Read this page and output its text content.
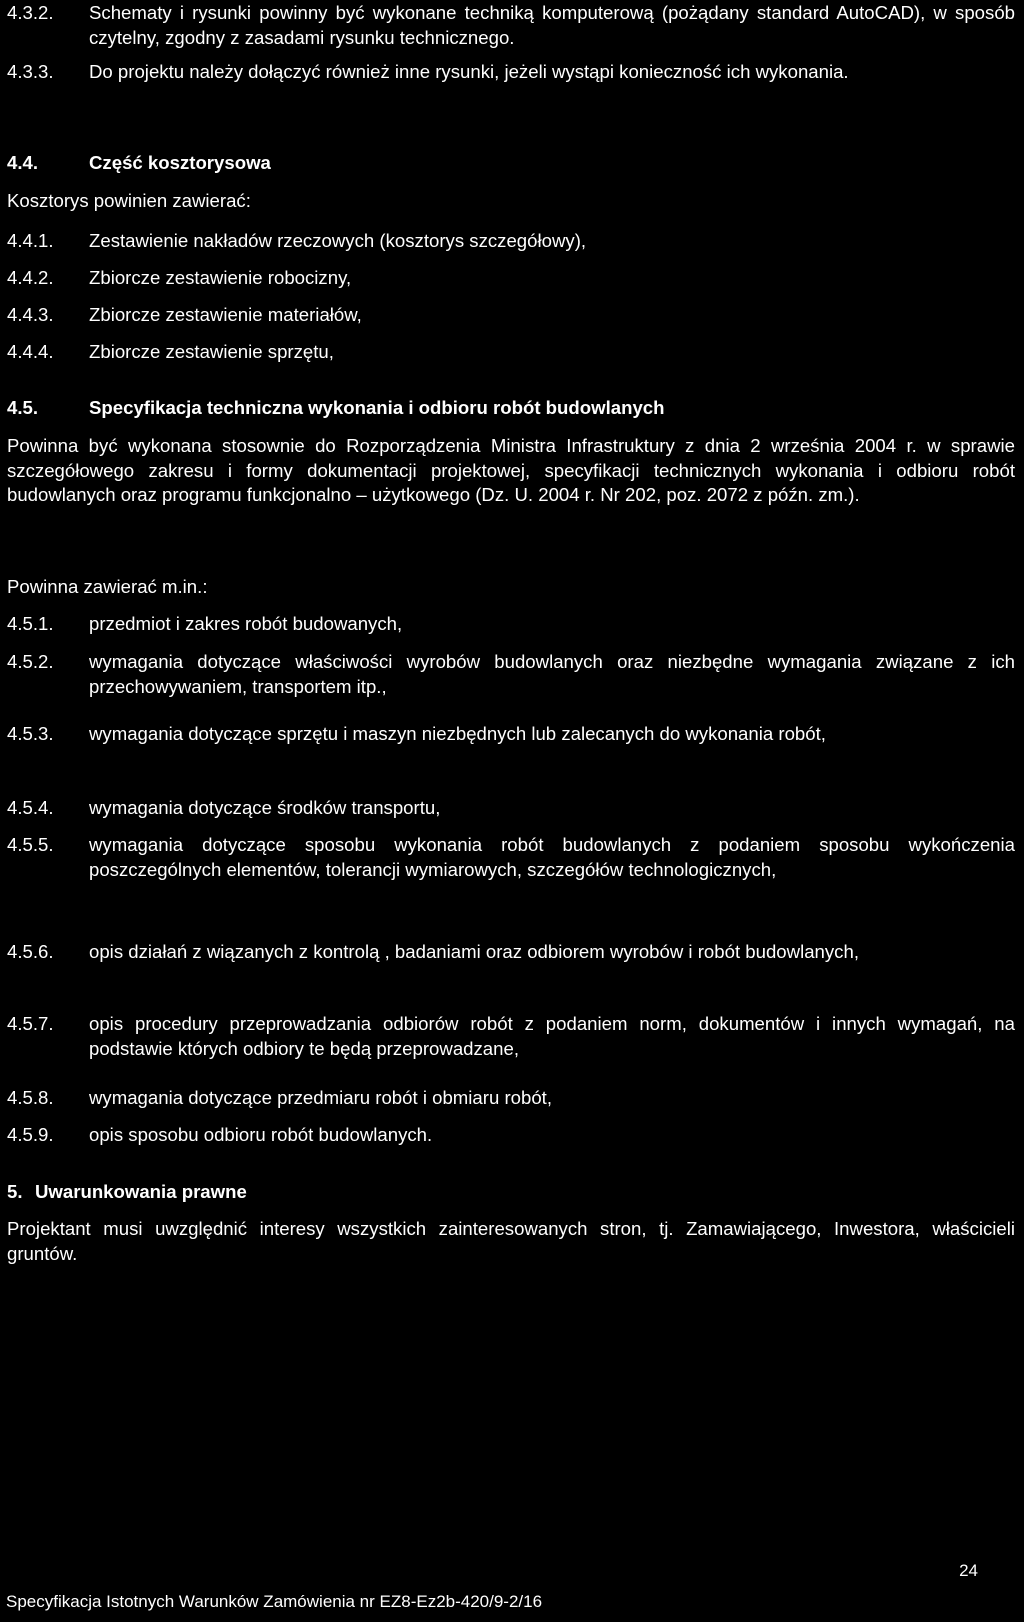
4.3.2.	Schematy i rysunki powinny być wykonane techniką komputerową (pożądany standard AutoCAD), w sposób czytelny, zgodny z zasadami rysunku technicznego.
4.3.3.	Do projektu należy dołączyć również inne rysunki, jeżeli wystąpi konieczność ich wykonania.
4.4.	Część kosztorysowa
Kosztorys powinien zawierać:
4.4.1.	Zestawienie nakładów rzeczowych (kosztorys szczegółowy),
4.4.2.	Zbiorcze zestawienie robocizny,
4.4.3.	Zbiorcze zestawienie materiałów,
4.4.4.	Zbiorcze zestawienie sprzętu,
4.5.	Specyfikacja techniczna wykonania i odbioru robót budowlanych
Powinna być wykonana stosownie do Rozporządzenia Ministra Infrastruktury z dnia 2 września 2004 r. w sprawie szczegółowego zakresu i formy dokumentacji projektowej, specyfikacji technicznych wykonania i odbioru robót budowlanych oraz programu funkcjonalno – użytkowego (Dz. U. 2004 r. Nr 202, poz. 2072 z późn. zm.).
Powinna zawierać m.in.:
4.5.1.	przedmiot i zakres robót budowanych,
4.5.2.	wymagania dotyczące właściwości wyrobów budowlanych oraz niezbędne wymagania związane z ich przechowywaniem, transportem itp.,
4.5.3.	wymagania dotyczące sprzętu i maszyn niezbędnych lub zalecanych do wykonania robót,
4.5.4.	wymagania dotyczące środków transportu,
4.5.5.	wymagania dotyczące sposobu wykonania robót budowlanych z podaniem sposobu wykończenia poszczególnych elementów, tolerancji wymiarowych, szczegółów technologicznych,
4.5.6.	opis działań z wiązanych z kontrolą , badaniami oraz odbiorem wyrobów i robót budowlanych,
4.5.7.	opis procedury przeprowadzania odbiorów robót z podaniem norm, dokumentów i innych wymagań, na podstawie których odbiory te będą przeprowadzane,
4.5.8.	wymagania dotyczące przedmiaru robót i obmiaru robót,
4.5.9.	opis sposobu odbioru robót budowlanych.
5. Uwarunkowania prawne
Projektant musi uwzględnić interesy wszystkich zainteresowanych stron, tj. Zamawiającego, Inwestora, właścicieli gruntów.
24
Specyfikacja Istotnych Warunków Zamówienia nr EZ8-Ez2b-420/9-2/16
